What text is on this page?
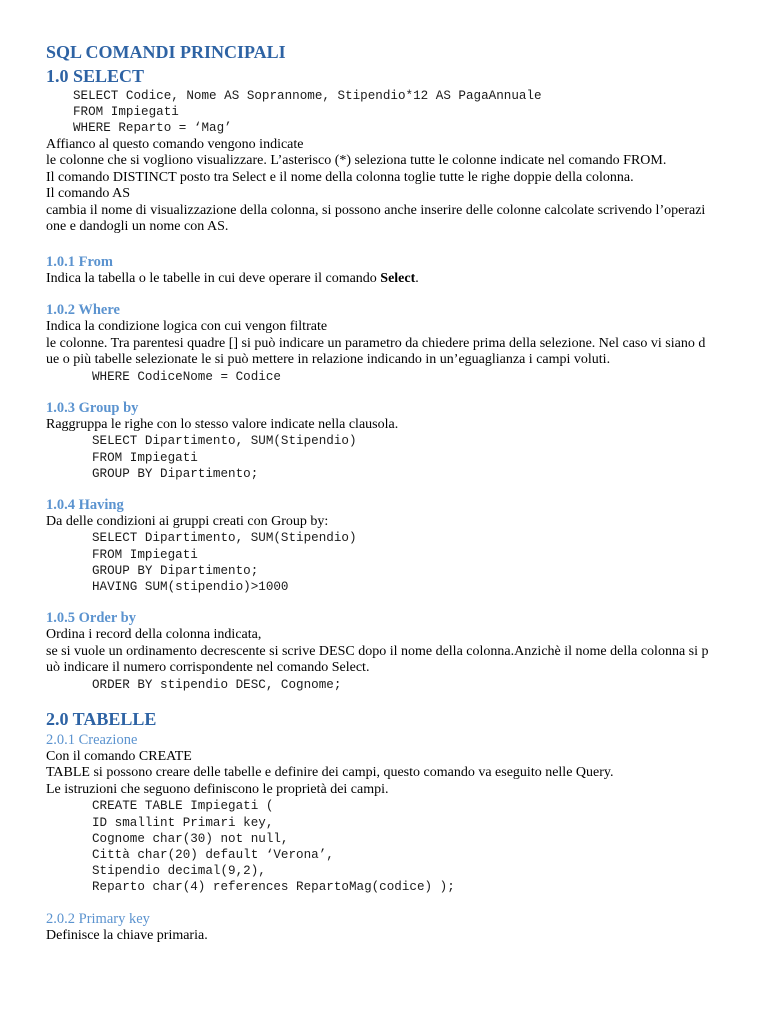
SQL COMANDI PRINCIPALI
1.0 SELECT
SELECT Codice, Nome AS Soprannome, Stipendio*12 AS PagaAnnuale
FROM Impiegati
WHERE Reparto = ‘Mag’
Affianco al questo comando vengono indicate
le colonne che si vogliono visualizzare. L’asterisco (*) seleziona tutte le colonne indicate nel comando FROM.
Il comando DISTINCT posto tra Select e il nome della colonna toglie tutte le righe doppie della colonna.
Il comando AS
cambia il nome di visualizzazione della colonna, si possono anche inserire delle colonne calcolate scrivendo l’operazi
one e dandogli un nome con AS.
1.0.1 From
Indica la tabella o le tabelle in cui deve operare il comando Select.
1.0.2 Where
Indica la condizione logica con cui vengon filtrate
le colonne. Tra parentesi quadre [] si può indicare un parametro da chiedere prima della selezione. Nel caso vi siano d
ue o più tabelle selezionate le si può mettere in relazione indicando in un’eguaglianza i campi voluti.
WHERE CodiceNome = Codice
1.0.3 Group by
Raggruppa le righe con lo stesso valore indicate nella clausola.
SELECT Dipartimento, SUM(Stipendio)
FROM Impiegati
GROUP BY Dipartimento;
1.0.4 Having
Da delle condizioni ai gruppi creati con Group by:
SELECT Dipartimento, SUM(Stipendio)
FROM Impiegati
GROUP BY Dipartimento;
HAVING SUM(stipendio)>1000
1.0.5 Order by
Ordina i record della colonna indicata,
se si vuole un ordinamento decrescente si scrive DESC dopo il nome della colonna.Anzichè il nome della colonna si p
uò indicare il numero corrispondente nel comando Select.
ORDER BY stipendio DESC, Cognome;
2.0 TABELLE
2.0.1 Creazione
Con il comando CREATE
TABLE si possono creare delle tabelle e definire dei campi, questo comando va eseguito nelle Query.
Le istruzioni che seguono definiscono le proprietà dei campi.
CREATE TABLE Impiegati (
ID smallint Primari key,
Cognome char(30) not null,
Città char(20) default ‘Verona’,
Stipendio decimal(9,2),
Reparto char(4) references RepartoMag(codice) );
2.0.2 Primary key
Definisce la chiave primaria.
